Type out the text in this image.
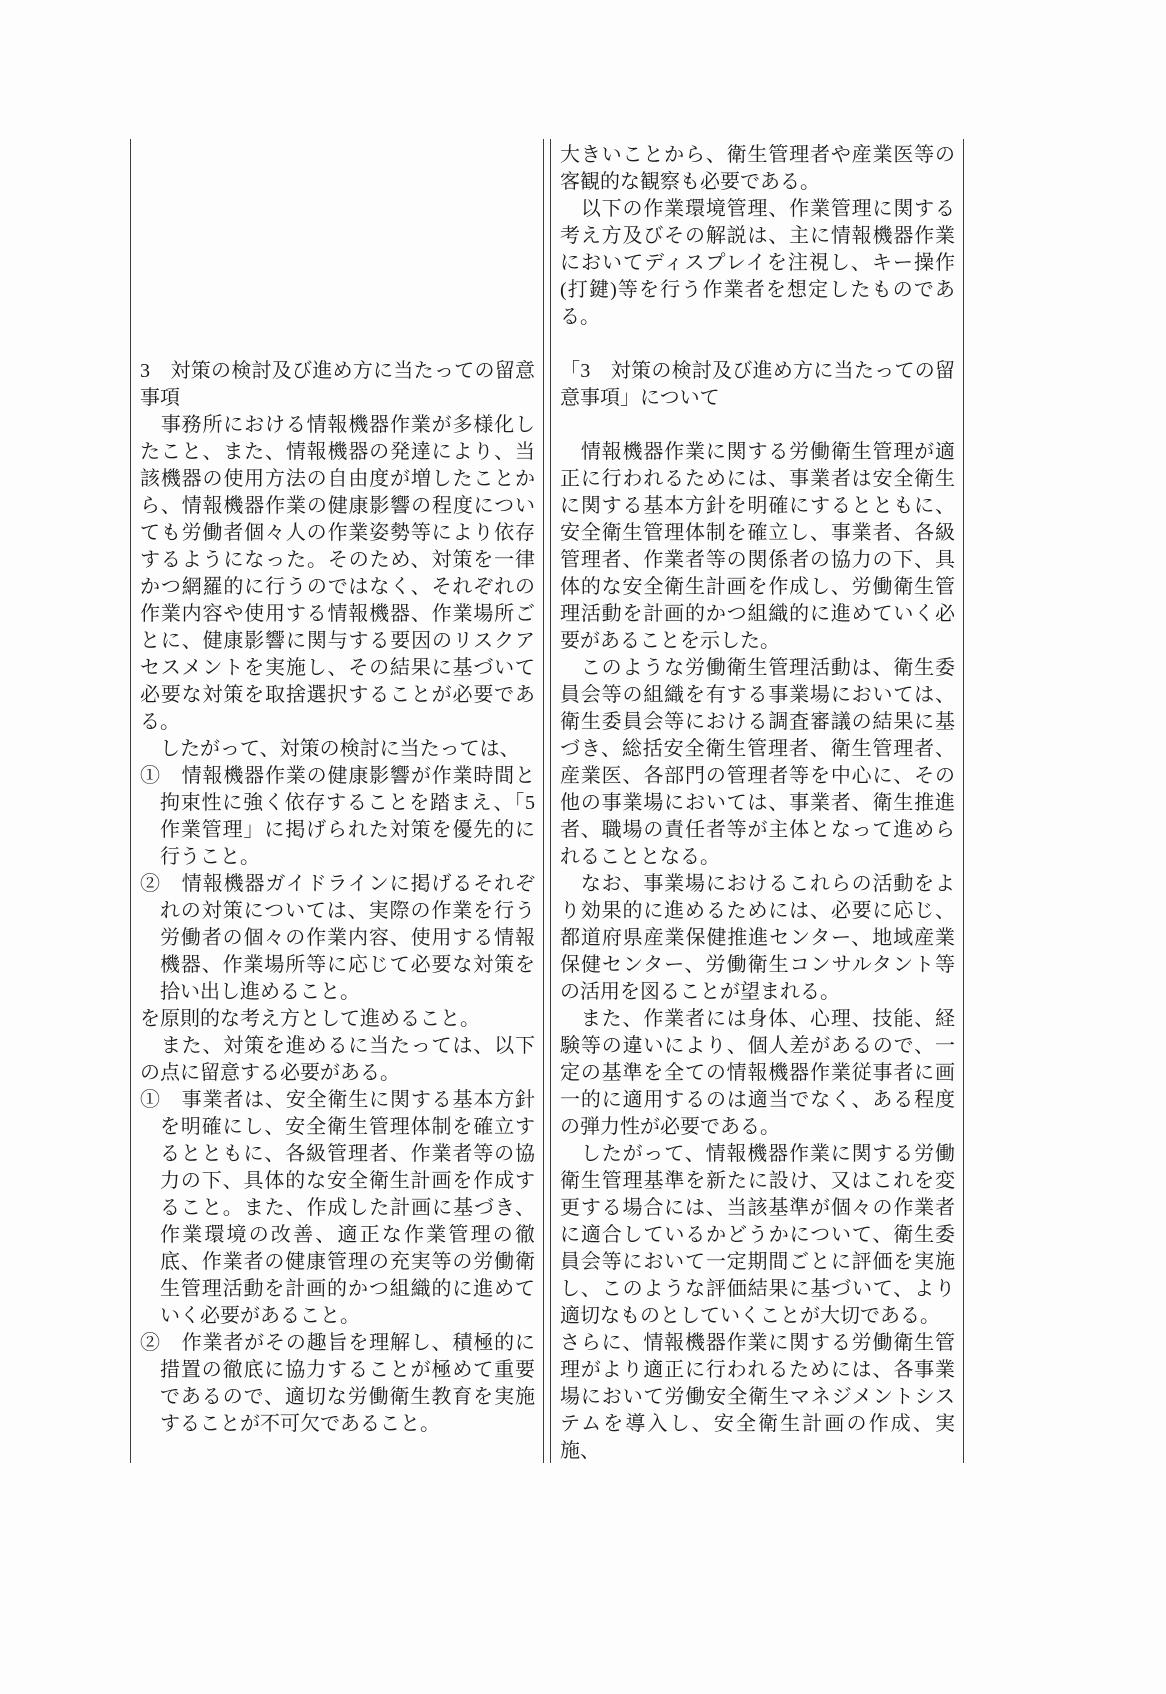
3　対策の検討及び進め方に当たっての留意事項

　事務所における情報機器作業が多様化したこと、また、情報機器の発達により、当該機器の使用方法の自由度が増したことから、情報機器作業の健康影響の程度についても労働者個々人の作業姿勢等により依存するようになった。そのため、対策を一律かつ網羅的に行うのではなく、それぞれの作業内容や使用する情報機器、作業場所ごとに、健康影響に関与する要因のリスクアセスメントを実施し、その結果に基づいて必要な対策を取捨選択することが必要である。

　したがって、対策の検討に当たっては、

①　情報機器作業の健康影響が作業時間と拘束性に強く依存することを踏まえ、「5 作業管理」に掲げられた対策を優先的に行うこと。

②　情報機器ガイドラインに掲げるそれぞれの対策については、実際の作業を行う労働者の個々の作業内容、使用する情報機器、作業場所等に応じて必要な対策を拾い出し進めること。

を原則的な考え方として進めること。

　また、対策を進めるに当たっては、以下の点に留意する必要がある。

①　事業者は、安全衛生に関する基本方針を明確にし、安全衛生管理体制を確立するとともに、各級管理者、作業者等の協力の下、具体的な安全衛生計画を作成すること。また、作成した計画に基づき、作業環境の改善、適正な作業管理の徹底、作業者の健康管理の充実等の労働衛生管理活動を計画的かつ組織的に進めていく必要があること。

②　作業者がその趣旨を理解し、積極的に措置の徹底に協力することが極めて重要であるので、適切な労働衛生教育を実施することが不可欠であること。

大きいことから、衛生管理者や産業医等の客観的な観察も必要である。

　以下の作業環境管理、作業管理に関する考え方及びその解説は、主に情報機器作業においてディスプレイを注視し、キー操作(打鍵)等を行う作業者を想定したものである。

「3　対策の検討及び進め方に当たっての留意事項」について

　情報機器作業に関する労働衛生管理が適正に行われるためには、事業者は安全衛生に関する基本方針を明確にするとともに、安全衛生管理体制を確立し、事業者、各級管理者、作業者等の関係者の協力の下、具体的な安全衛生計画を作成し、労働衛生管理活動を計画的かつ組織的に進めていく必要があることを示した。

　このような労働衛生管理活動は、衛生委員会等の組織を有する事業場においては、衛生委員会等における調査審議の結果に基づき、総括安全衛生管理者、衛生管理者、産業医、各部門の管理者等を中心に、その他の事業場においては、事業者、衛生推進者、職場の責任者等が主体となって進められることとなる。

　なお、事業場におけるこれらの活動をより効果的に進めるためには、必要に応じ、都道府県産業保健推進センター、地域産業保健センター、労働衛生コンサルタント等の活用を図ることが望まれる。

　また、作業者には身体、心理、技能、経験等の違いにより、個人差があるので、一定の基準を全ての情報機器作業従事者に画一的に適用するのは適当でなく、ある程度の弾力性が必要である。

　したがって、情報機器作業に関する労働衛生管理基準を新たに設け、又はこれを変更する場合には、当該基準が個々の作業者に適合しているかどうかについて、衛生委員会等において一定期間ごとに評価を実施し、このような評価結果に基づいて、より適切なものとしていくことが大切である。

さらに、情報機器作業に関する労働衛生管理がより適正に行われるためには、各事業場において労働安全衛生マネジメントシステムを導入し、安全衛生計画の作成、実施、
